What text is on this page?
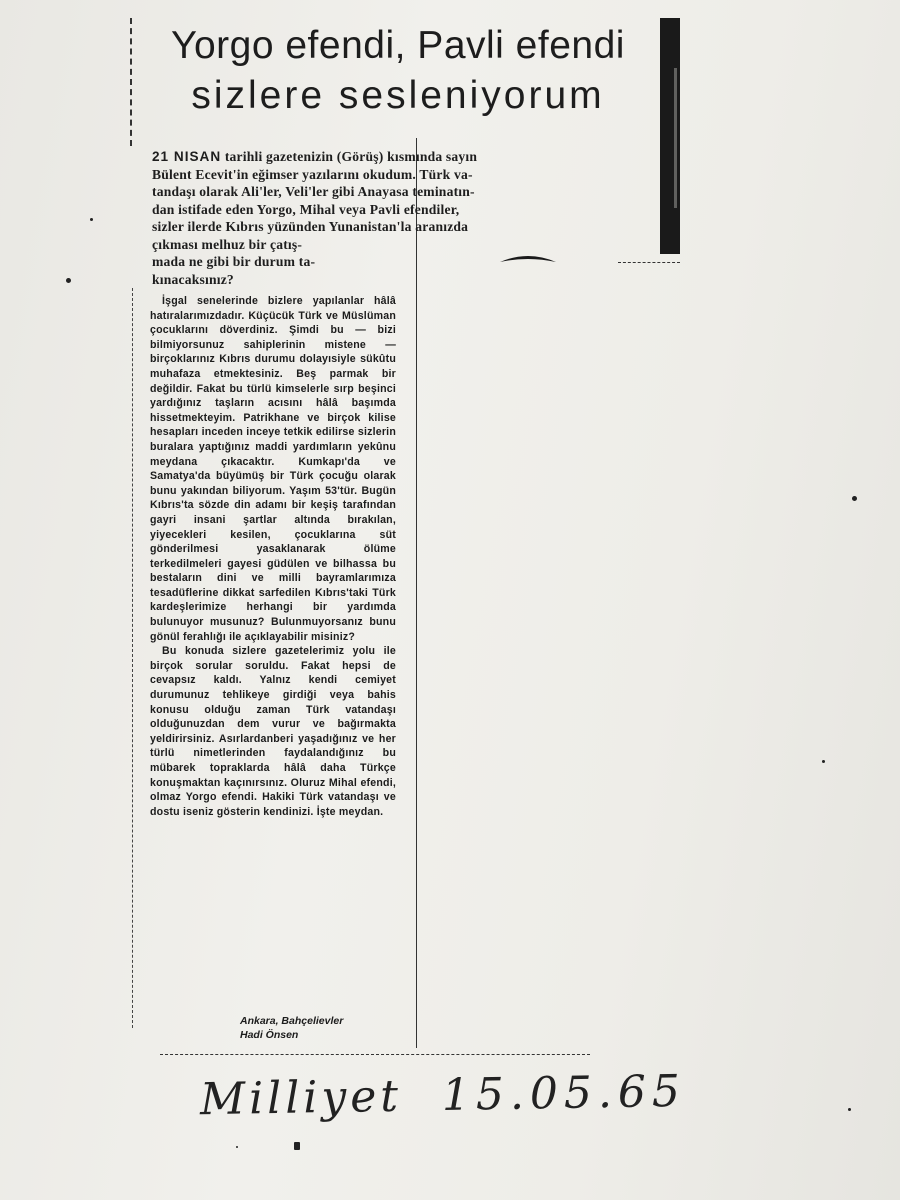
Yorgo efendi, Pavli efendi
sizlere sesleniyorum
21 NISAN tarihli gazetenizin (Görüş) kısmında sayın
Bülent Ecevit'in eğimser yazılarını okudum. Türk va-
tandaşı olarak Ali'ler, Veli'ler gibi Anayasa teminatın-
dan istifade eden Yorgo, Mihal veya Pavli efendiler,
sizler ilerde Kıbrıs yüzünden Yunanistan'la aranızda
çıkması melhuz bir çatış-
mada ne gibi bir durum ta-
kınacaksınız?
İşgal senelerinde bizlere yapılanlar hâlâ hatıralarımızdadır. Küçücük Türk ve Müslüman çocuklarını döverdiniz. Şimdi bu — bizi bilmiyorsunuz sahiplerinin mistene — birçoklarınız Kıbrıs durumu dolayısiyle sükûtu muhafaza etmektesiniz. Beş parmak bir değildir. Fakat bu türlü kimselerle sırp beşinci yardığınız taşların acısını hâlâ başımda hissetmekteyim. Patrikhane ve birçok kilise hesapları inceden inceye tetkik edilirse sizlerin buralara yaptığınız maddi yardımların yekûnu meydana çıkacaktır. Kumkapı'da ve Samatya'da büyümüş bir Türk çocuğu olarak bunu yakından biliyorum. Yaşım 53'tür. Bugün Kıbrıs'ta sözde din adamı bir keşiş tarafından gayri insani şartlar altında bırakılan, yiyecekleri kesilen, çocuklarına süt gönderilmesi yasaklanarak ölüme terkedilmeleri gayesi güdülen ve bilhassa bu bestaların dini ve milli bayramlarımıza tesadüflerine dikkat sarfedilen Kıbrıs'taki Türk kardeşlerimize herhangi bir yardımda bulunuyor musunuz? Bulunmuyorsanız bunu gönül ferahlığı ile açıklayabilir misiniz?
Bu konuda sizlere gazetelerimiz yolu ile birçok sorular soruldu. Fakat hepsi de cevapsız kaldı. Yalnız kendi cemiyet durumunuz tehlikeye girdiği veya bahis konusu olduğu zaman Türk vatandaşı olduğunuzdan dem vurur ve bağırmakta yeldirirsiniz. Asırlardanberi yaşadığınız ve her türlü nimetlerinden faydalandığınız bu mübarek topraklarda hâlâ daha Türkçe konuşmaktan kaçınırsınız. Oluruz Mihal efendi, olmaz Yorgo efendi. Hakiki Türk vatandaşı ve dostu iseniz gösterin kendinizi. İşte meydan.
Ankara, Bahçelievler
Hadi Önsen
Milliyet 15.05.65
